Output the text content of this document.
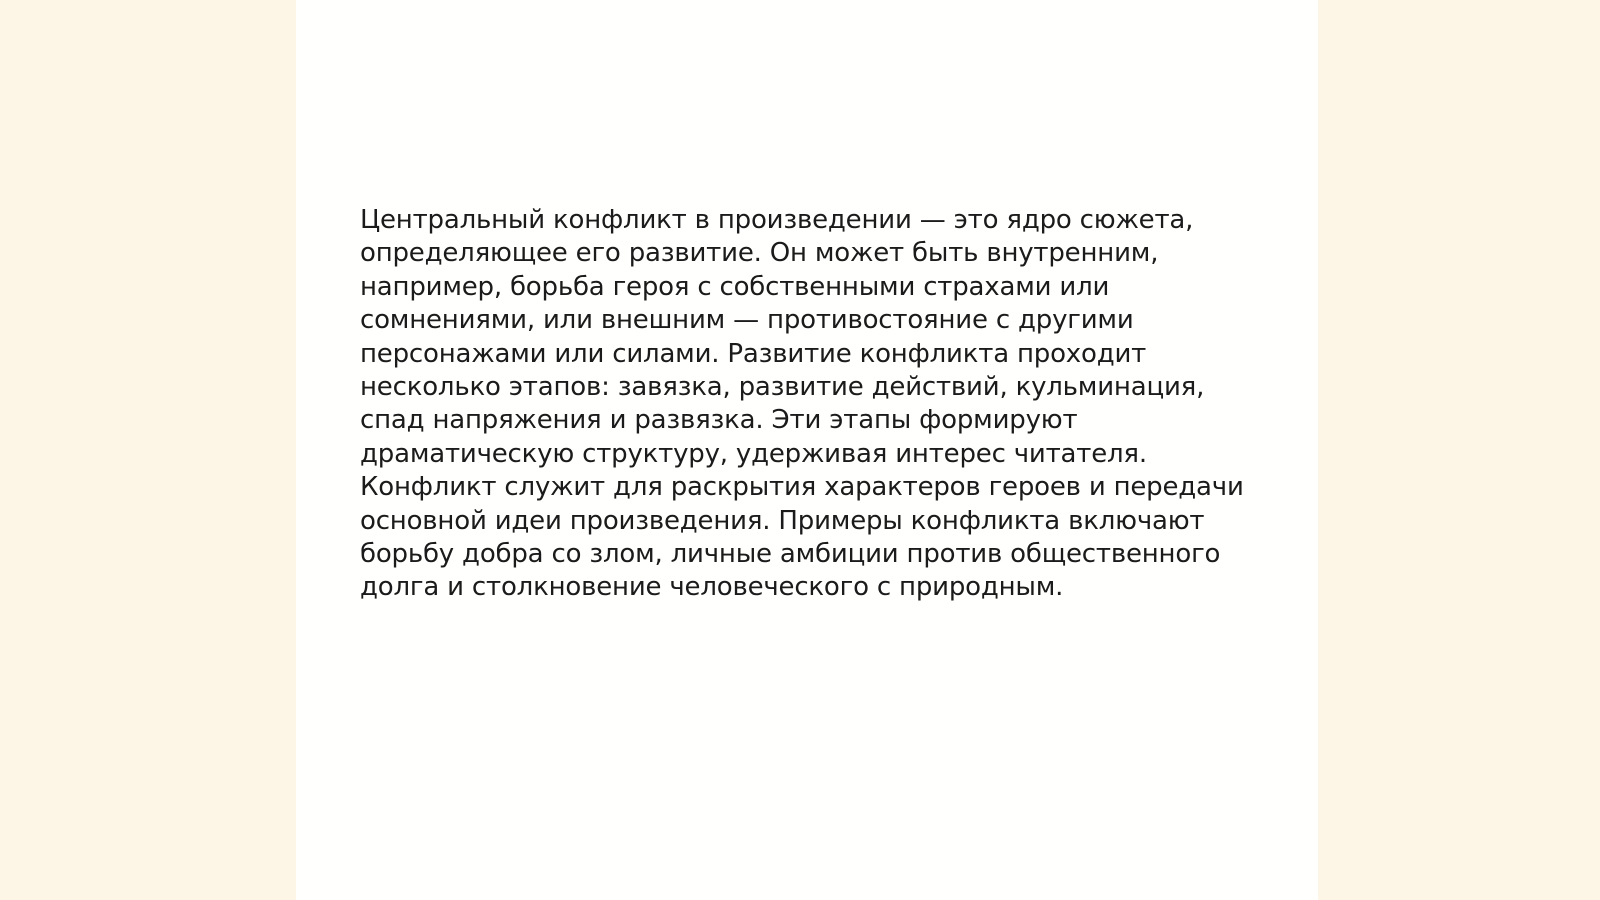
Центральный конфликт в произведении — это ядро сюжета,
определяющее его развитие. Он может быть внутренним,
например, борьба героя с собственными страхами или
сомнениями, или внешним — противостояние с другими
персонажами или силами. Развитие конфликта проходит
несколько этапов: завязка, развитие действий, кульминация,
спад напряжения и развязка. Эти этапы формируют
драматическую структуру, удерживая интерес читателя.
Конфликт служит для раскрытия характеров героев и передачи
основной идеи произведения. Примеры конфликта включают
борьбу добра со злом, личные амбиции против общественного
долга и столкновение человеческого с природным.
